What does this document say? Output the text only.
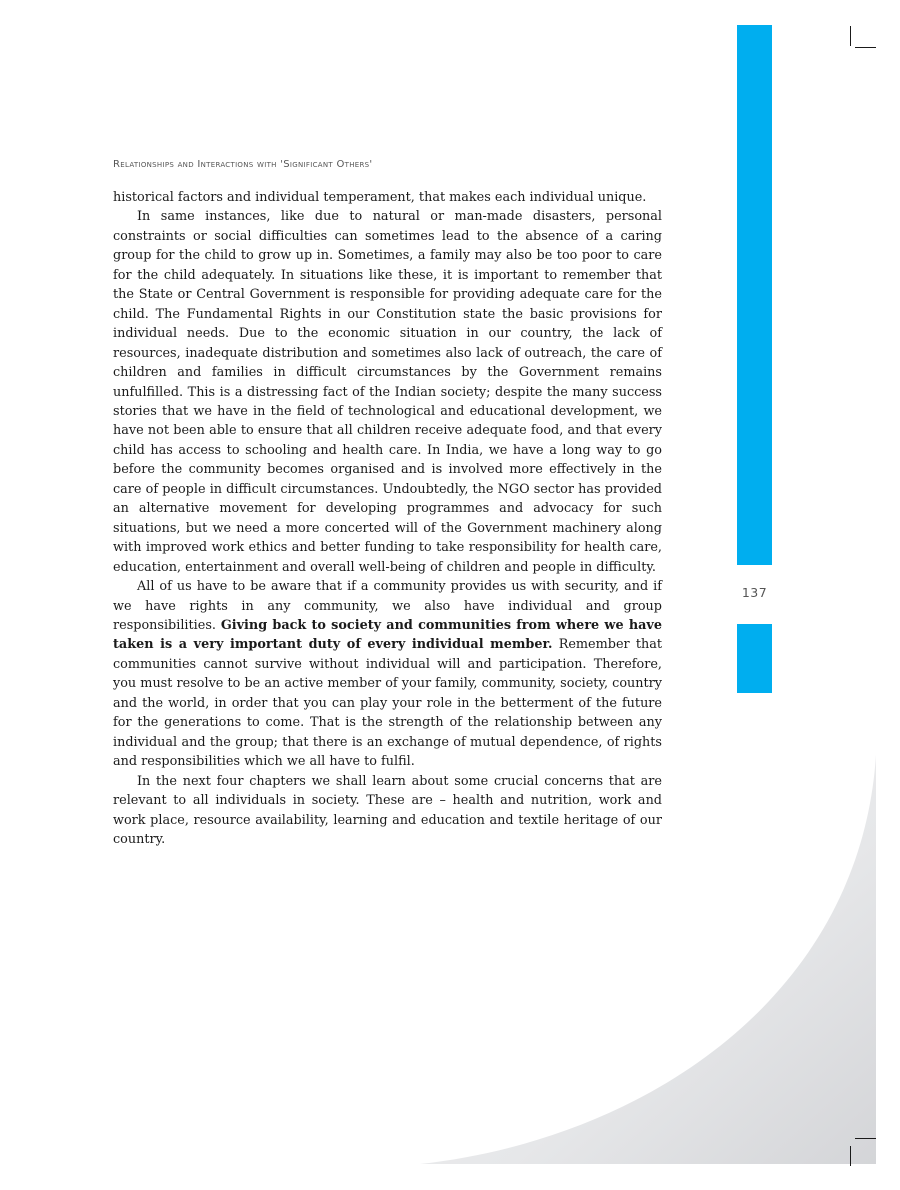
137
Relationships and Interactions with 'Significant Others'

historical factors and individual temperament, that makes each individual unique.

In same instances, like due to natural or man-made disasters, personal constraints or social difficulties can sometimes lead to the absence of a caring group for the child to grow up in. Sometimes, a family may also be too poor to care for the child adequately. In situations like these, it is important to remember that the State or Central Government is responsible for providing adequate care for the child. The Fundamental Rights in our Constitution state the basic provisions for individual needs. Due to the economic situation in our country, the lack of resources, inadequate distribution and sometimes also lack of outreach, the care of children and families in difficult circumstances by the Government remains unfulfilled. This is a distressing fact of the Indian society; despite the many success stories that we have in the field of technological and educational development, we have not been able to ensure that all children receive adequate food, and that every child has access to schooling and health care. In India, we have a long way to go before the community becomes organised and is involved more effectively in the care of people in difficult circumstances. Undoubtedly, the NGO sector has provided an alternative movement for developing programmes and advocacy for such situations, but we need a more concerted will of the Government machinery along with improved work ethics and better funding to take responsibility for health care, education, entertainment and overall well-being of children and people in difficulty.

All of us have to be aware that if a community provides us with security, and if we have rights in any community, we also have individual and group responsibilities. Giving back to society and communities from where we have taken is a very important duty of every individual member. Remember that communities cannot survive without individual will and participation. Therefore, you must resolve to be an active member of your family, community, society, country and the world, in order that you can play your role in the betterment of the future for the generations to come. That is the strength of the relationship between any individual and the group; that there is an exchange of mutual dependence, of rights and responsibilities which we all have to fulfil.

In the next four chapters we shall learn about some crucial concerns that are relevant to all individuals in society. These are – health and nutrition, work and work place, resource availability, learning and education and textile heritage of our country.
